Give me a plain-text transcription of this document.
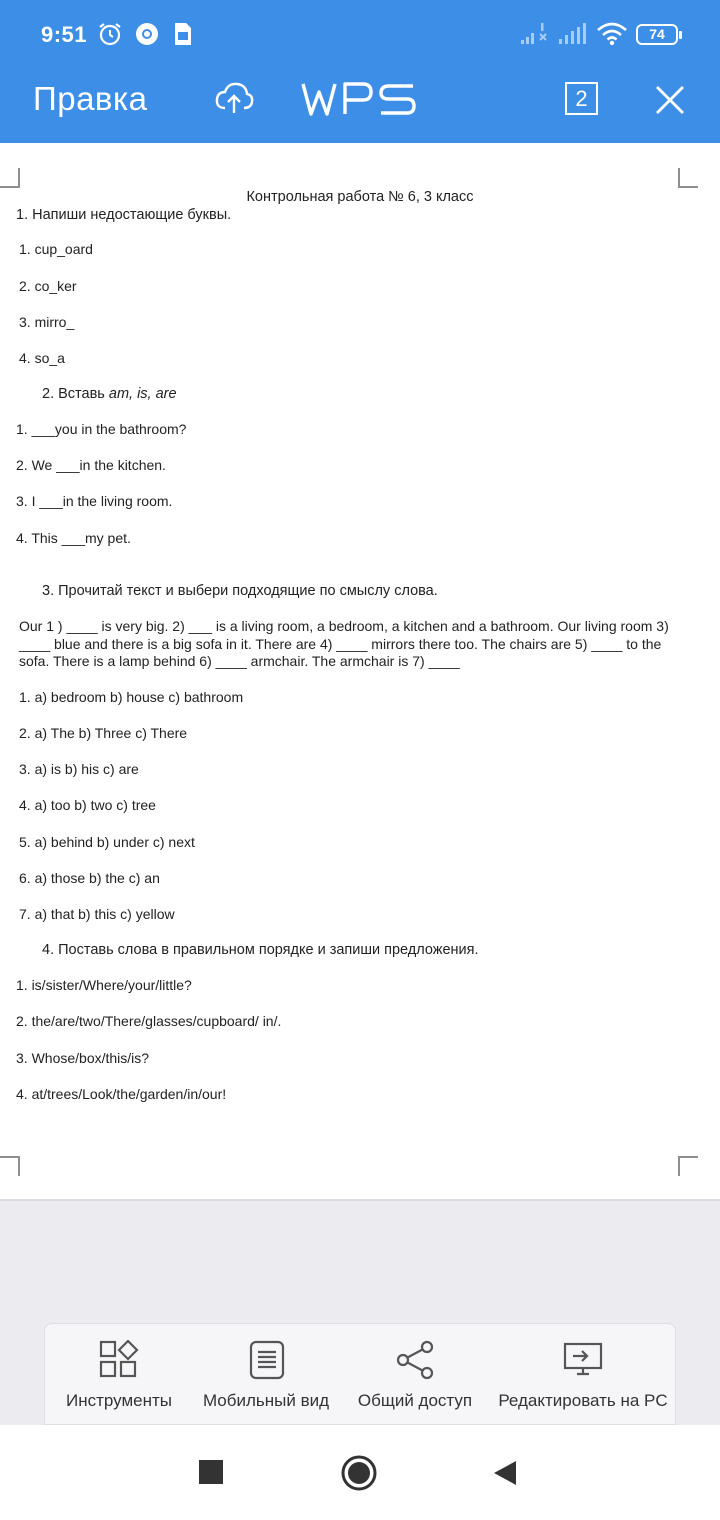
9:51	74
Правка	2
Контрольная работа № 6, 3 класс
1. Напиши недостающие буквы.
1. cup_oard
2. co_ker
3. mirro_
4. so_a
2. Вставь am, is, are
1. ___you in the bathroom?
2. We ___in the kitchen.
3. I ___in the living room.
4. This ___my pet.
3. Прочитай текст и выбери подходящие по смыслу слова.
Our 1 ) ____ is very big. 2) ___ is a living room, a bedroom, a kitchen and a bathroom. Our living room 3) ____ blue and there is a big sofa in it. There are 4) ____ mirrors there too. The chairs are 5) ____ to the sofa. There is a lamp behind 6) ____ armchair. The armchair is 7) ____
1. a) bedroom b) house c) bathroom
2. a) The b) Three c) There
3. a) is b) his c) are
4. a) too b) two c) tree
5. a) behind b) under c) next
6. a) those b) the c) an
7. a) that b) this c) yellow
4. Поставь слова в правильном порядке и запиши предложения.
1. is/sister/Where/your/little?
2. the/are/two/There/glasses/cupboard/ in/.
3. Whose/box/this/is?
4. at/trees/Look/the/garden/in/our!
Инструменты	Мобильный вид	Общий доступ	Редактировать на PC
